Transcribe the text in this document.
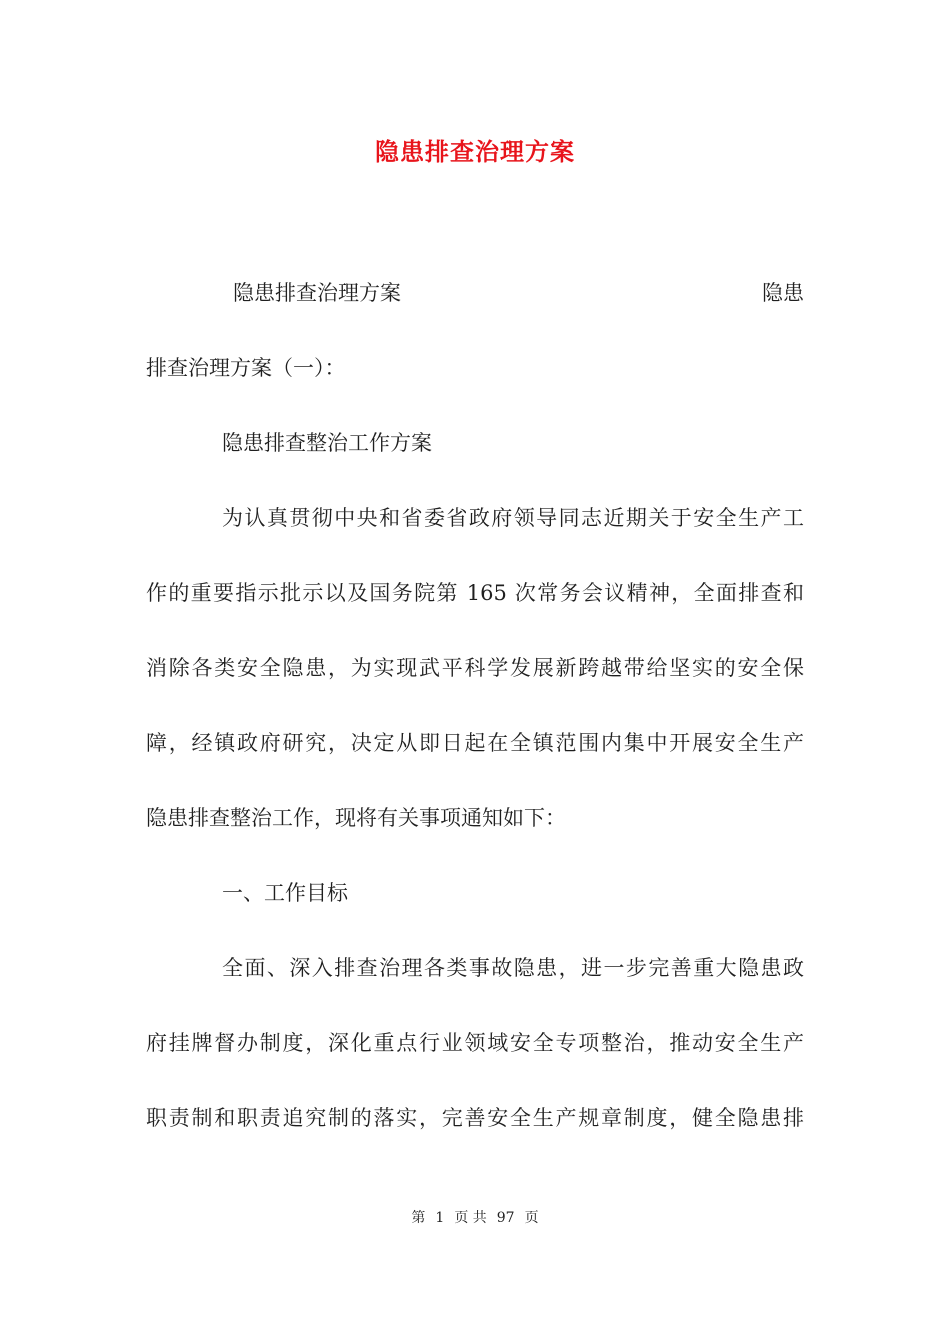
隐患排查治理方案
隐患排查治理方案	隐患
排查治理方案（一）：
隐患排查整治工作方案
为认真贯彻中央和省委省政府领导同志近期关于安全生产工
作的重要指示批示以及国务院第 165 次常务会议精神，全面排查和
消除各类安全隐患，为实现武平科学发展新跨越带给坚实的安全保
障，经镇政府研究，决定从即日起在全镇范围内集中开展安全生产
隐患排查整治工作，现将有关事项通知如下：
一、工作目标
全面、深入排查治理各类事故隐患，进一步完善重大隐患政
府挂牌督办制度，深化重点行业领域安全专项整治，推动安全生产
职责制和职责追究制的落实，完善安全生产规章制度，健全隐患排
第 1 页 共 97 页
